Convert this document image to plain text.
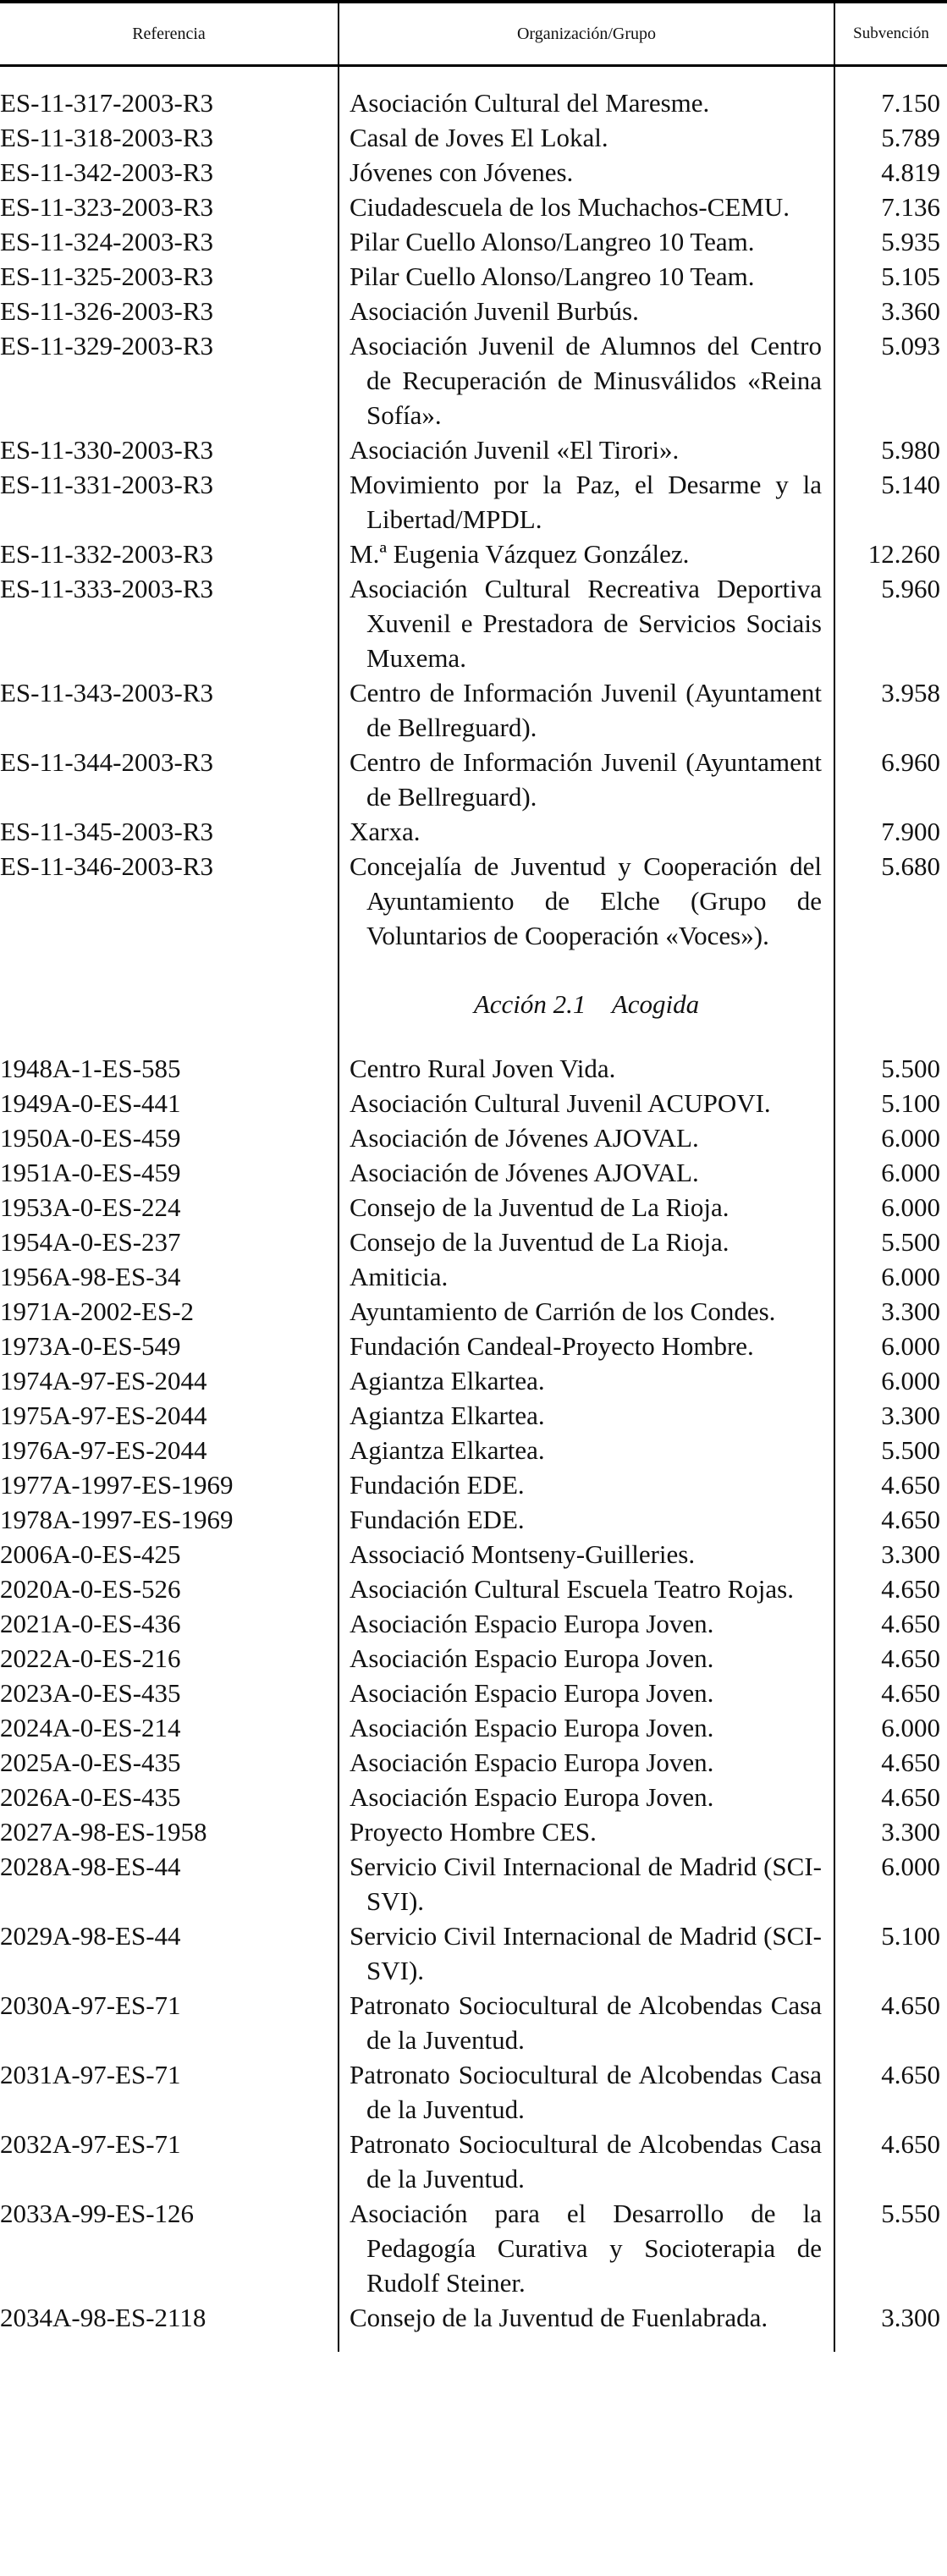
Referencia	Organización/Grupo	Subvención

ES-11-317-2003-R3	Asociación Cultural del Maresme.	7.150
ES-11-318-2003-R3	Casal de Joves El Lokal.	5.789
ES-11-342-2003-R3	Jóvenes con Jóvenes.	4.819
ES-11-323-2003-R3	Ciudadescuela de los Muchachos-CEMU.	7.136
ES-11-324-2003-R3	Pilar Cuello Alonso/Langreo 10 Team.	5.935
ES-11-325-2003-R3	Pilar Cuello Alonso/Langreo 10 Team.	5.105
ES-11-326-2003-R3	Asociación Juvenil Burbús.	3.360
ES-11-329-2003-R3	Asociación Juvenil de Alumnos del Centro de Recuperación de Minusválidos «Reina Sofía».	5.093
ES-11-330-2003-R3	Asociación Juvenil «El Tirori».	5.980
ES-11-331-2003-R3	Movimiento por la Paz, el Desarme y la Libertad/MPDL.	5.140
ES-11-332-2003-R3	M.ª Eugenia Vázquez González.	12.260
ES-11-333-2003-R3	Asociación Cultural Recreativa Deportiva Xuvenil e Prestadora de Servicios Sociais Muxema.	5.960
ES-11-343-2003-R3	Centro de Información Juvenil (Ayuntament de Bellreguard).	3.958
ES-11-344-2003-R3	Centro de Información Juvenil (Ayuntament de Bellreguard).	6.960
ES-11-345-2003-R3	Xarxa.	7.900
ES-11-346-2003-R3	Concejalía de Juventud y Cooperación del Ayuntamiento de Elche (Grupo de Voluntarios de Cooperación «Voces»).	5.680

	Acción 2.1    Acogida	

1948A-1-ES-585	Centro Rural Joven Vida.	5.500
1949A-0-ES-441	Asociación Cultural Juvenil ACUPOVI.	5.100
1950A-0-ES-459	Asociación de Jóvenes AJOVAL.	6.000
1951A-0-ES-459	Asociación de Jóvenes AJOVAL.	6.000
1953A-0-ES-224	Consejo de la Juventud de La Rioja.	6.000
1954A-0-ES-237	Consejo de la Juventud de La Rioja.	5.500
1956A-98-ES-34	Amiticia.	6.000
1971A-2002-ES-2	Ayuntamiento de Carrión de los Condes.	3.300
1973A-0-ES-549	Fundación Candeal-Proyecto Hombre.	6.000
1974A-97-ES-2044	Agiantza Elkartea.	6.000
1975A-97-ES-2044	Agiantza Elkartea.	3.300
1976A-97-ES-2044	Agiantza Elkartea.	5.500
1977A-1997-ES-1969	Fundación EDE.	4.650
1978A-1997-ES-1969	Fundación EDE.	4.650
2006A-0-ES-425	Associació Montseny-Guilleries.	3.300
2020A-0-ES-526	Asociación Cultural Escuela Teatro Rojas.	4.650
2021A-0-ES-436	Asociación Espacio Europa Joven.	4.650
2022A-0-ES-216	Asociación Espacio Europa Joven.	4.650
2023A-0-ES-435	Asociación Espacio Europa Joven.	4.650
2024A-0-ES-214	Asociación Espacio Europa Joven.	6.000
2025A-0-ES-435	Asociación Espacio Europa Joven.	4.650
2026A-0-ES-435	Asociación Espacio Europa Joven.	4.650
2027A-98-ES-1958	Proyecto Hombre CES.	3.300
2028A-98-ES-44	Servicio Civil Internacional de Madrid (SCI-SVI).	6.000
2029A-98-ES-44	Servicio Civil Internacional de Madrid (SCI-SVI).	5.100
2030A-97-ES-71	Patronato Sociocultural de Alcobendas Casa de la Juventud.	4.650
2031A-97-ES-71	Patronato Sociocultural de Alcobendas Casa de la Juventud.	4.650
2032A-97-ES-71	Patronato Sociocultural de Alcobendas Casa de la Juventud.	4.650
2033A-99-ES-126	Asociación para el Desarrollo de la Pedagogía Curativa y Socioterapia de Rudolf Steiner.	5.550
2034A-98-ES-2118	Consejo de la Juventud de Fuenlabrada.	3.300
